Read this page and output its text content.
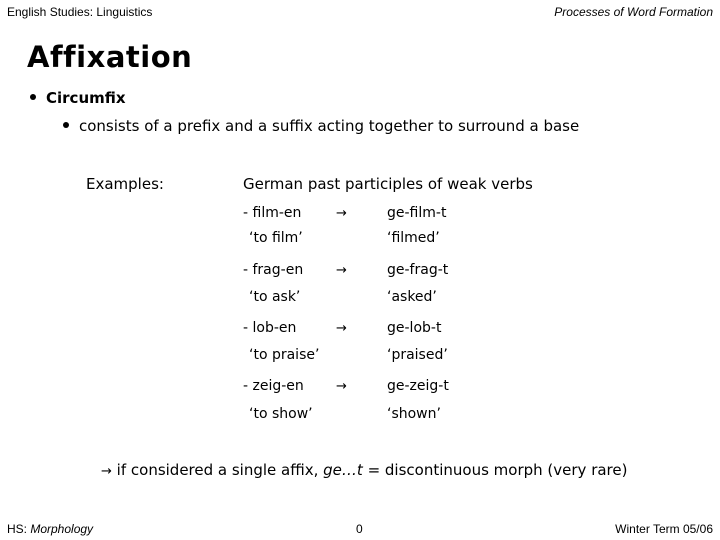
English Studies: Linguistics	Processes of Word Formation
Affixation
Circumfix
consists of a prefix and a suffix acting together to surround a base
Examples:	German past participles of weak verbs
- film-en	→	ge-film-t
‘to film’	‘filmed’
- frag-en	→	ge-frag-t
‘to ask’	‘asked’
- lob-en	→	ge-lob-t
‘to praise’	‘praised’
- zeig-en →	ge-zeig-t
‘to show’	‘shown’
→ if considered a single affix, ge…t = discontinuous morph (very rare)
HS: Morphology	0	Winter Term 05/06
